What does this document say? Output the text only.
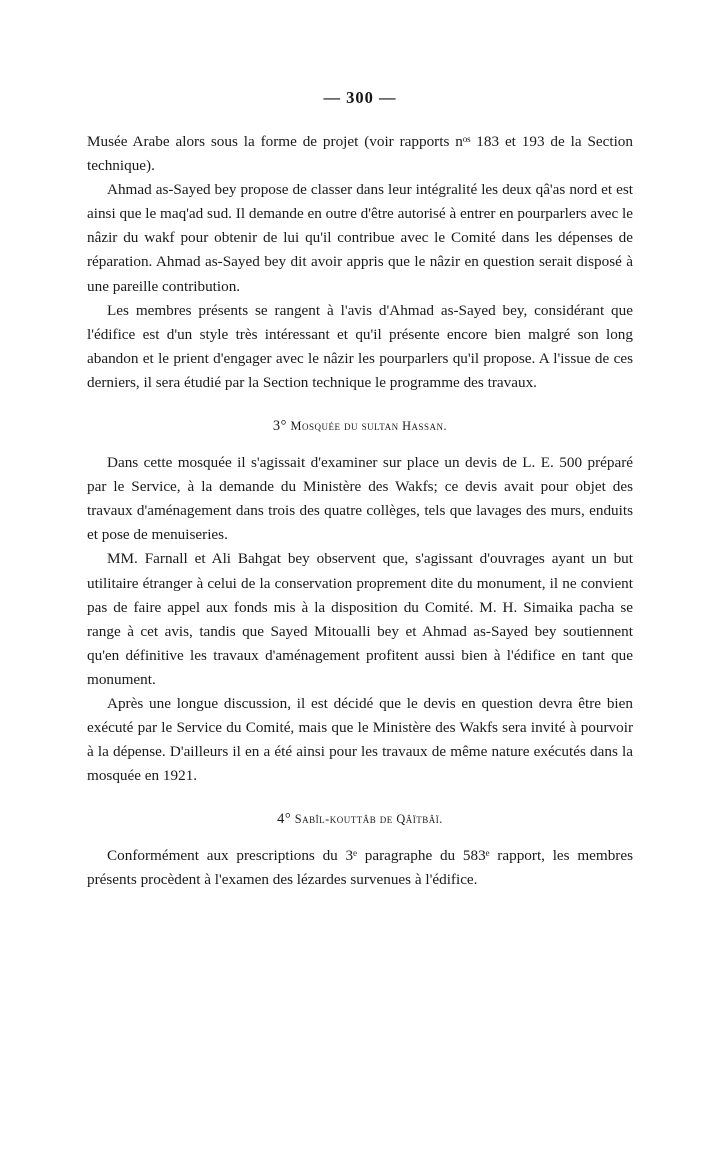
— 300 —

Musée Arabe alors sous la forme de projet (voir rapports nᵒˢ 183 et 193 de la Section technique).

Ahmad as-Sayed bey propose de classer dans leur intégralité les deux qâ'as nord et est ainsi que le maq'ad sud. Il demande en outre d'être autorisé à entrer en pourparlers avec le nâzir du wakf pour obtenir de lui qu'il contribue avec le Comité dans les dépenses de réparation. Ahmad as-Sayed bey dit avoir appris que le nâzir en question serait disposé à une pareille contribution.

Les membres présents se rangent à l'avis d'Ahmad as-Sayed bey, considérant que l'édifice est d'un style très intéressant et qu'il présente encore bien malgré son long abandon et le prient d'engager avec le nâzir les pourparlers qu'il propose. A l'issue de ces derniers, il sera étudié par la Section technique le programme des travaux.

3° Mosquée du sultan Hassan.

Dans cette mosquée il s'agissait d'examiner sur place un devis de L. E. 500 préparé par le Service, à la demande du Ministère des Wakfs; ce devis avait pour objet des travaux d'aménagement dans trois des quatre collèges, tels que lavages des murs, enduits et pose de menuiseries.

MM. Farnall et Ali Bahgat bey observent que, s'agissant d'ouvrages ayant un but utilitaire étranger à celui de la conservation proprement dite du monument, il ne convient pas de faire appel aux fonds mis à la disposition du Comité. M. H. Simaika pacha se range à cet avis, tandis que Sayed Mitoualli bey et Ahmad as-Sayed bey soutiennent qu'en définitive les travaux d'aménagement profitent aussi bien à l'édifice en tant que monument.

Après une longue discussion, il est décidé que le devis en question devra être bien exécuté par le Service du Comité, mais que le Ministère des Wakfs sera invité à pourvoir à la dépense. D'ailleurs il en a été ainsi pour les travaux de même nature exécutés dans la mosquée en 1921.

4° Sabîl-kouttâb de Qâïtbâï.

Conformément aux prescriptions du 3ᵉ paragraphe du 583ᵉ rapport, les membres présents procèdent à l'examen des lézardes survenues à l'édifice.
